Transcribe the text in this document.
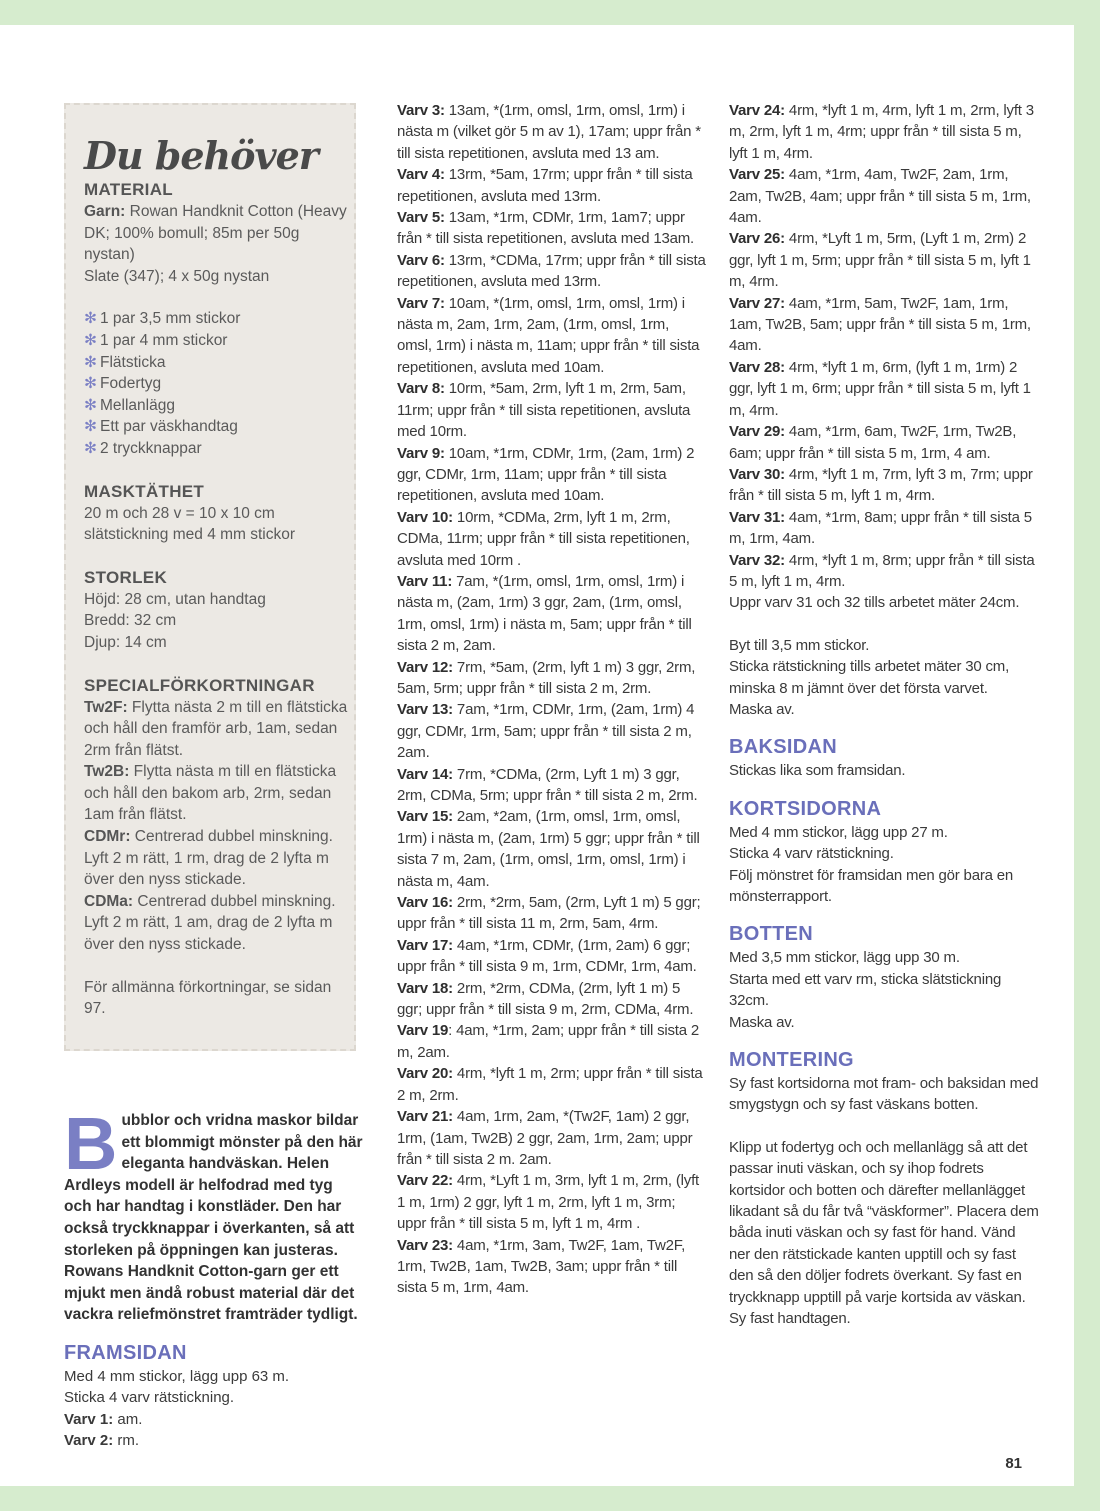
Du behöver
MATERIAL

Garn: Rowan Handknit Cotton (Heavy DK; 100% bomull; 85m per 50g nystan)

Slate (347); 4 x 50g nystan

✻ 1 par 3,5 mm stickor

✻ 1 par 4 mm stickor

✻ Flätsticka

✻ Fodertyg

✻ Mellanlägg

✻ Ett par väskhandtag

✻ 2 tryckknappar

MASKTÄTHET

20 m och 28 v = 10 x 10 cm slätstickning med 4 mm stickor

STORLEK

Höjd: 28 cm, utan handtag

Bredd: 32 cm

Djup: 14 cm

SPECIALFÖRKORTNINGAR

Tw2F: Flytta nästa 2 m till en flätsticka och håll den framför arb, 1am, sedan 2rm från flätst.

Tw2B: Flytta nästa m till en flätsticka och håll den bakom arb, 2rm, sedan 1am från flätst.

CDMr: Centrerad dubbel minskning. Lyft 2 m rätt, 1 rm, drag de 2 lyfta m över den nyss stickade.

CDMa: Centrerad dubbel minskning. Lyft 2 m rätt, 1 am, drag de 2 lyfta m över den nyss stickade.

För allmänna förkortningar, se sidan 97.

Bubblor och vridna maskor bildar ett blommigt mönster på den här eleganta handväskan. Helen Ardleys modell är helfodrad med tyg och har handtag i konstläder. Den har också tryckknappar i överkanten, så att storleken på öppningen kan justeras. Rowans Handknit Cotton-garn ger ett mjukt men ändå robust material där det vackra reliefmönstret framträder tydligt.

FRAMSIDAN

Med 4 mm stickor, lägg upp 63 m.

Sticka 4 varv rätstickning.

Varv 1: am.

Varv 2: rm.

Varv 3: 13am, *(1rm, omsl, 1rm, omsl, 1rm) i nästa m (vilket gör 5 m av 1), 17am; uppr från * till sista repetitionen, avsluta med 13 am.

Varv 4: 13rm, *5am, 17rm; uppr från * till sista repetitionen, avsluta med 13rm.

Varv 5: 13am, *1rm, CDMr, 1rm, 1am7; uppr från * till sista repetitionen, avsluta med 13am.

Varv 6: 13rm, *CDMa, 17rm; uppr från * till sista repetitionen, avsluta med 13rm.

Varv 7: 10am, *(1rm, omsl, 1rm, omsl, 1rm) i nästa m, 2am, 1rm, 2am, (1rm, omsl, 1rm, omsl, 1rm) i nästa m, 11am; uppr från * till sista repetitionen, avsluta med 10am.

Varv 8: 10rm, *5am, 2rm, lyft 1 m, 2rm, 5am, 11rm; uppr från * till sista repetitionen, avsluta med 10rm.

Varv 9: 10am, *1rm, CDMr, 1rm, (2am, 1rm) 2 ggr, CDMr, 1rm, 11am; uppr från * till sista repetitionen, avsluta med 10am.

Varv 10: 10rm, *CDMa, 2rm, lyft 1 m, 2rm, CDMa, 11rm; uppr från * till sista repetitionen, avsluta med 10rm .

Varv 11: 7am, *(1rm, omsl, 1rm, omsl, 1rm) i nästa m, (2am, 1rm) 3 ggr, 2am, (1rm, omsl, 1rm, omsl, 1rm) i nästa m, 5am; uppr från * till sista 2 m, 2am.

Varv 12: 7rm, *5am, (2rm, lyft 1 m) 3 ggr, 2rm, 5am, 5rm; uppr från * till sista 2 m, 2rm.

Varv 13: 7am, *1rm, CDMr, 1rm, (2am, 1rm) 4 ggr, CDMr, 1rm, 5am; uppr från * till sista 2 m, 2am.

Varv 14: 7rm, *CDMa, (2rm, Lyft 1 m) 3 ggr, 2rm, CDMa, 5rm; uppr från * till sista 2 m, 2rm.

Varv 15: 2am, *2am, (1rm, omsl, 1rm, omsl, 1rm) i nästa m, (2am, 1rm) 5 ggr; uppr från * till sista 7 m, 2am, (1rm, omsl, 1rm, omsl, 1rm) i nästa m, 4am.

Varv 16: 2rm, *2rm, 5am, (2rm, Lyft 1 m) 5 ggr; uppr från * till sista 11 m, 2rm, 5am, 4rm.

Varv 17: 4am, *1rm, CDMr, (1rm, 2am) 6 ggr; uppr från * till sista 9 m, 1rm, CDMr, 1rm, 4am.

Varv 18: 2rm, *2rm, CDMa, (2rm, lyft 1 m) 5 ggr; uppr från * till sista 9 m, 2rm, CDMa, 4rm.

Varv 19: 4am, *1rm, 2am; uppr från * till sista 2 m, 2am.

Varv 20: 4rm, *lyft 1 m, 2rm; uppr från * till sista 2 m, 2rm.

Varv 21: 4am, 1rm, 2am, *(Tw2F, 1am) 2 ggr, 1rm, (1am, Tw2B) 2 ggr, 2am, 1rm, 2am; uppr från * till sista 2 m. 2am.

Varv 22: 4rm, *Lyft 1 m, 3rm, lyft 1 m, 2rm, (lyft 1 m, 1rm) 2 ggr, lyft 1 m, 2rm, lyft 1 m, 3rm; uppr från * till sista 5 m, lyft 1 m, 4rm .

Varv 23: 4am, *1rm, 3am, Tw2F, 1am, Tw2F, 1rm, Tw2B, 1am, Tw2B, 3am; uppr från * till sista 5 m, 1rm, 4am.

Varv 24: 4rm, *lyft 1 m, 4rm, lyft 1 m, 2rm, lyft 3 m, 2rm, lyft 1 m, 4rm; uppr från * till sista 5 m, lyft 1 m, 4rm.

Varv 25: 4am, *1rm, 4am, Tw2F, 2am, 1rm, 2am, Tw2B, 4am; uppr från * till sista 5 m, 1rm, 4am.

Varv 26: 4rm, *Lyft 1 m, 5rm, (Lyft 1 m, 2rm) 2 ggr, lyft 1 m, 5rm; uppr från * till sista 5 m, lyft 1 m, 4rm.

Varv 27: 4am, *1rm, 5am, Tw2F, 1am, 1rm, 1am, Tw2B, 5am; uppr från * till sista 5 m, 1rm, 4am.

Varv 28: 4rm, *lyft 1 m, 6rm, (lyft 1 m, 1rm) 2 ggr, lyft 1 m, 6rm; uppr från * till sista 5 m, lyft 1 m, 4rm.

Varv 29: 4am, *1rm, 6am, Tw2F, 1rm, Tw2B, 6am; uppr från * till sista 5 m, 1rm, 4 am.

Varv 30: 4rm, *lyft 1 m, 7rm, lyft 3 m, 7rm; uppr från * till sista 5 m, lyft 1 m, 4rm.

Varv 31: 4am, *1rm, 8am; uppr från * till sista 5 m, 1rm, 4am.

Varv 32: 4rm, *lyft 1 m, 8rm; uppr från * till sista 5 m, lyft 1 m, 4rm.

Uppr varv 31 och 32 tills arbetet mäter 24cm.

Byt till 3,5 mm stickor.

Sticka rätstickning tills arbetet mäter 30 cm, minska 8 m jämnt över det första varvet.

Maska av.

BAKSIDAN

Stickas lika som framsidan.

KORTSIDORNA

Med 4 mm stickor, lägg upp 27 m.

Sticka 4 varv rätstickning.

Följ mönstret för framsidan men gör bara en mönsterrapport.

BOTTEN

Med 3,5 mm stickor, lägg upp 30 m.

Starta med ett varv rm, sticka slätstickning 32cm.

Maska av.

MONTERING

Sy fast kortsidorna mot fram- och baksidan med smygstygn och sy fast väskans botten.

Klipp ut fodertyg och och mellanlägg så att det passar inuti väskan, och sy ihop fodrets kortsidor och botten och därefter mellanlägget likadant så du får två “väskformer”. Placera dem båda inuti väskan och sy fast för hand. Vänd ner den rätstickade kanten upptill och sy fast den så den döljer fodrets överkant. Sy fast en tryckknapp upptill på varje kortsida av väskan. Sy fast handtagen.

81
